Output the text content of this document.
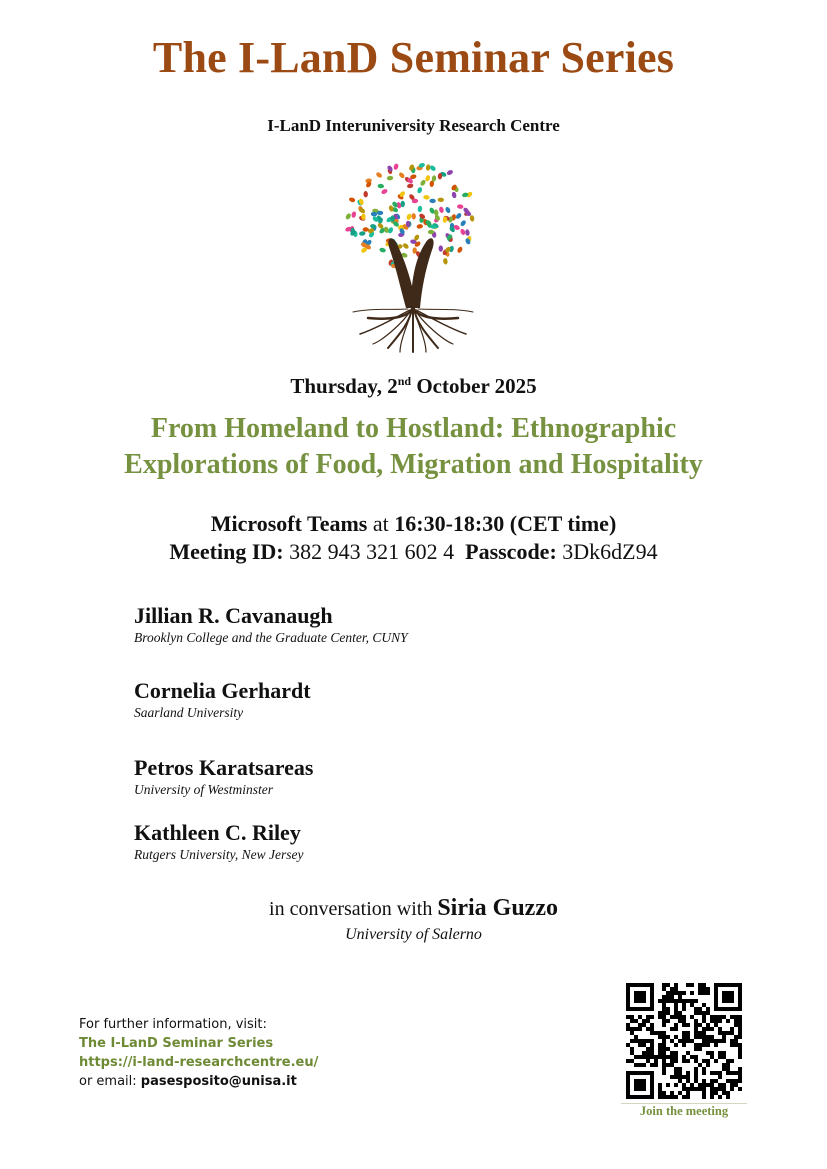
The I-LanD Seminar Series
I-LanD Interuniversity Research Centre
Thursday, 2nd October 2025
From Homeland to Hostland: Ethnographic
Explorations of Food, Migration and Hospitality
Microsoft Teams at 16:30-18:30 (CET time)
Meeting ID: 382 943 321 602 4 Passcode: 3Dk6dZ94
Jillian R. Cavanaugh
Brooklyn College and the Graduate Center, CUNY
Cornelia Gerhardt
Saarland University
Petros Karatsareas
University of Westminster
Kathleen C. Riley
Rutgers University, New Jersey
in conversation with Siria Guzzo
University of Salerno
For further information, visit:
The I-LanD Seminar Series
https://i-land-researchcentre.eu/
or email: pasesposito@unisa.it
Join the meeting
